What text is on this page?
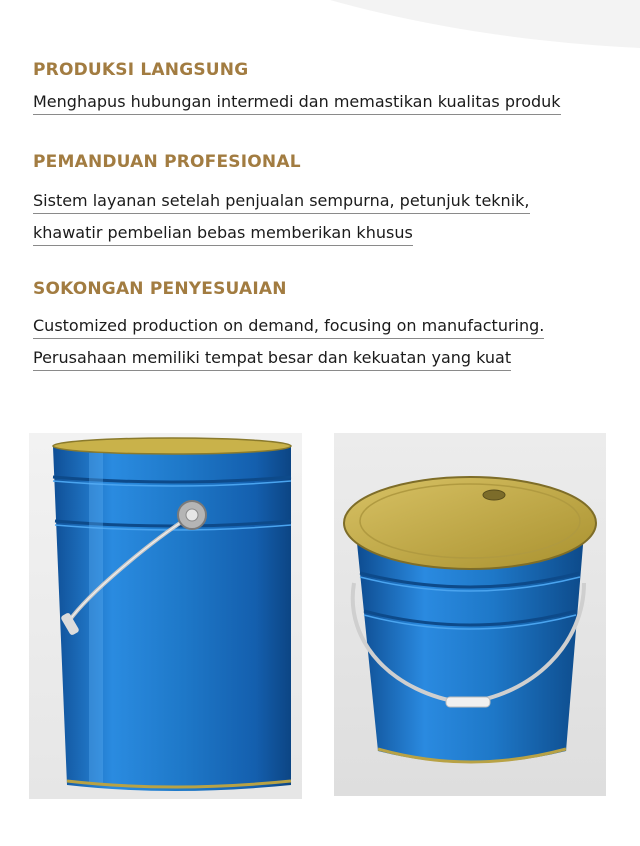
PRODUKSI LANGSUNG

Menghapus hubungan intermedi dan memastikan kualitas produk

PEMANDUAN PROFESIONAL

Sistem layanan setelah penjualan sempurna, petunjuk teknik,

khawatir pembelian bebas memberikan khusus

SOKONGAN PENYESUAIAN

Customized production on demand, focusing on manufacturing.

Perusahaan memiliki tempat besar dan kekuatan yang kuat
